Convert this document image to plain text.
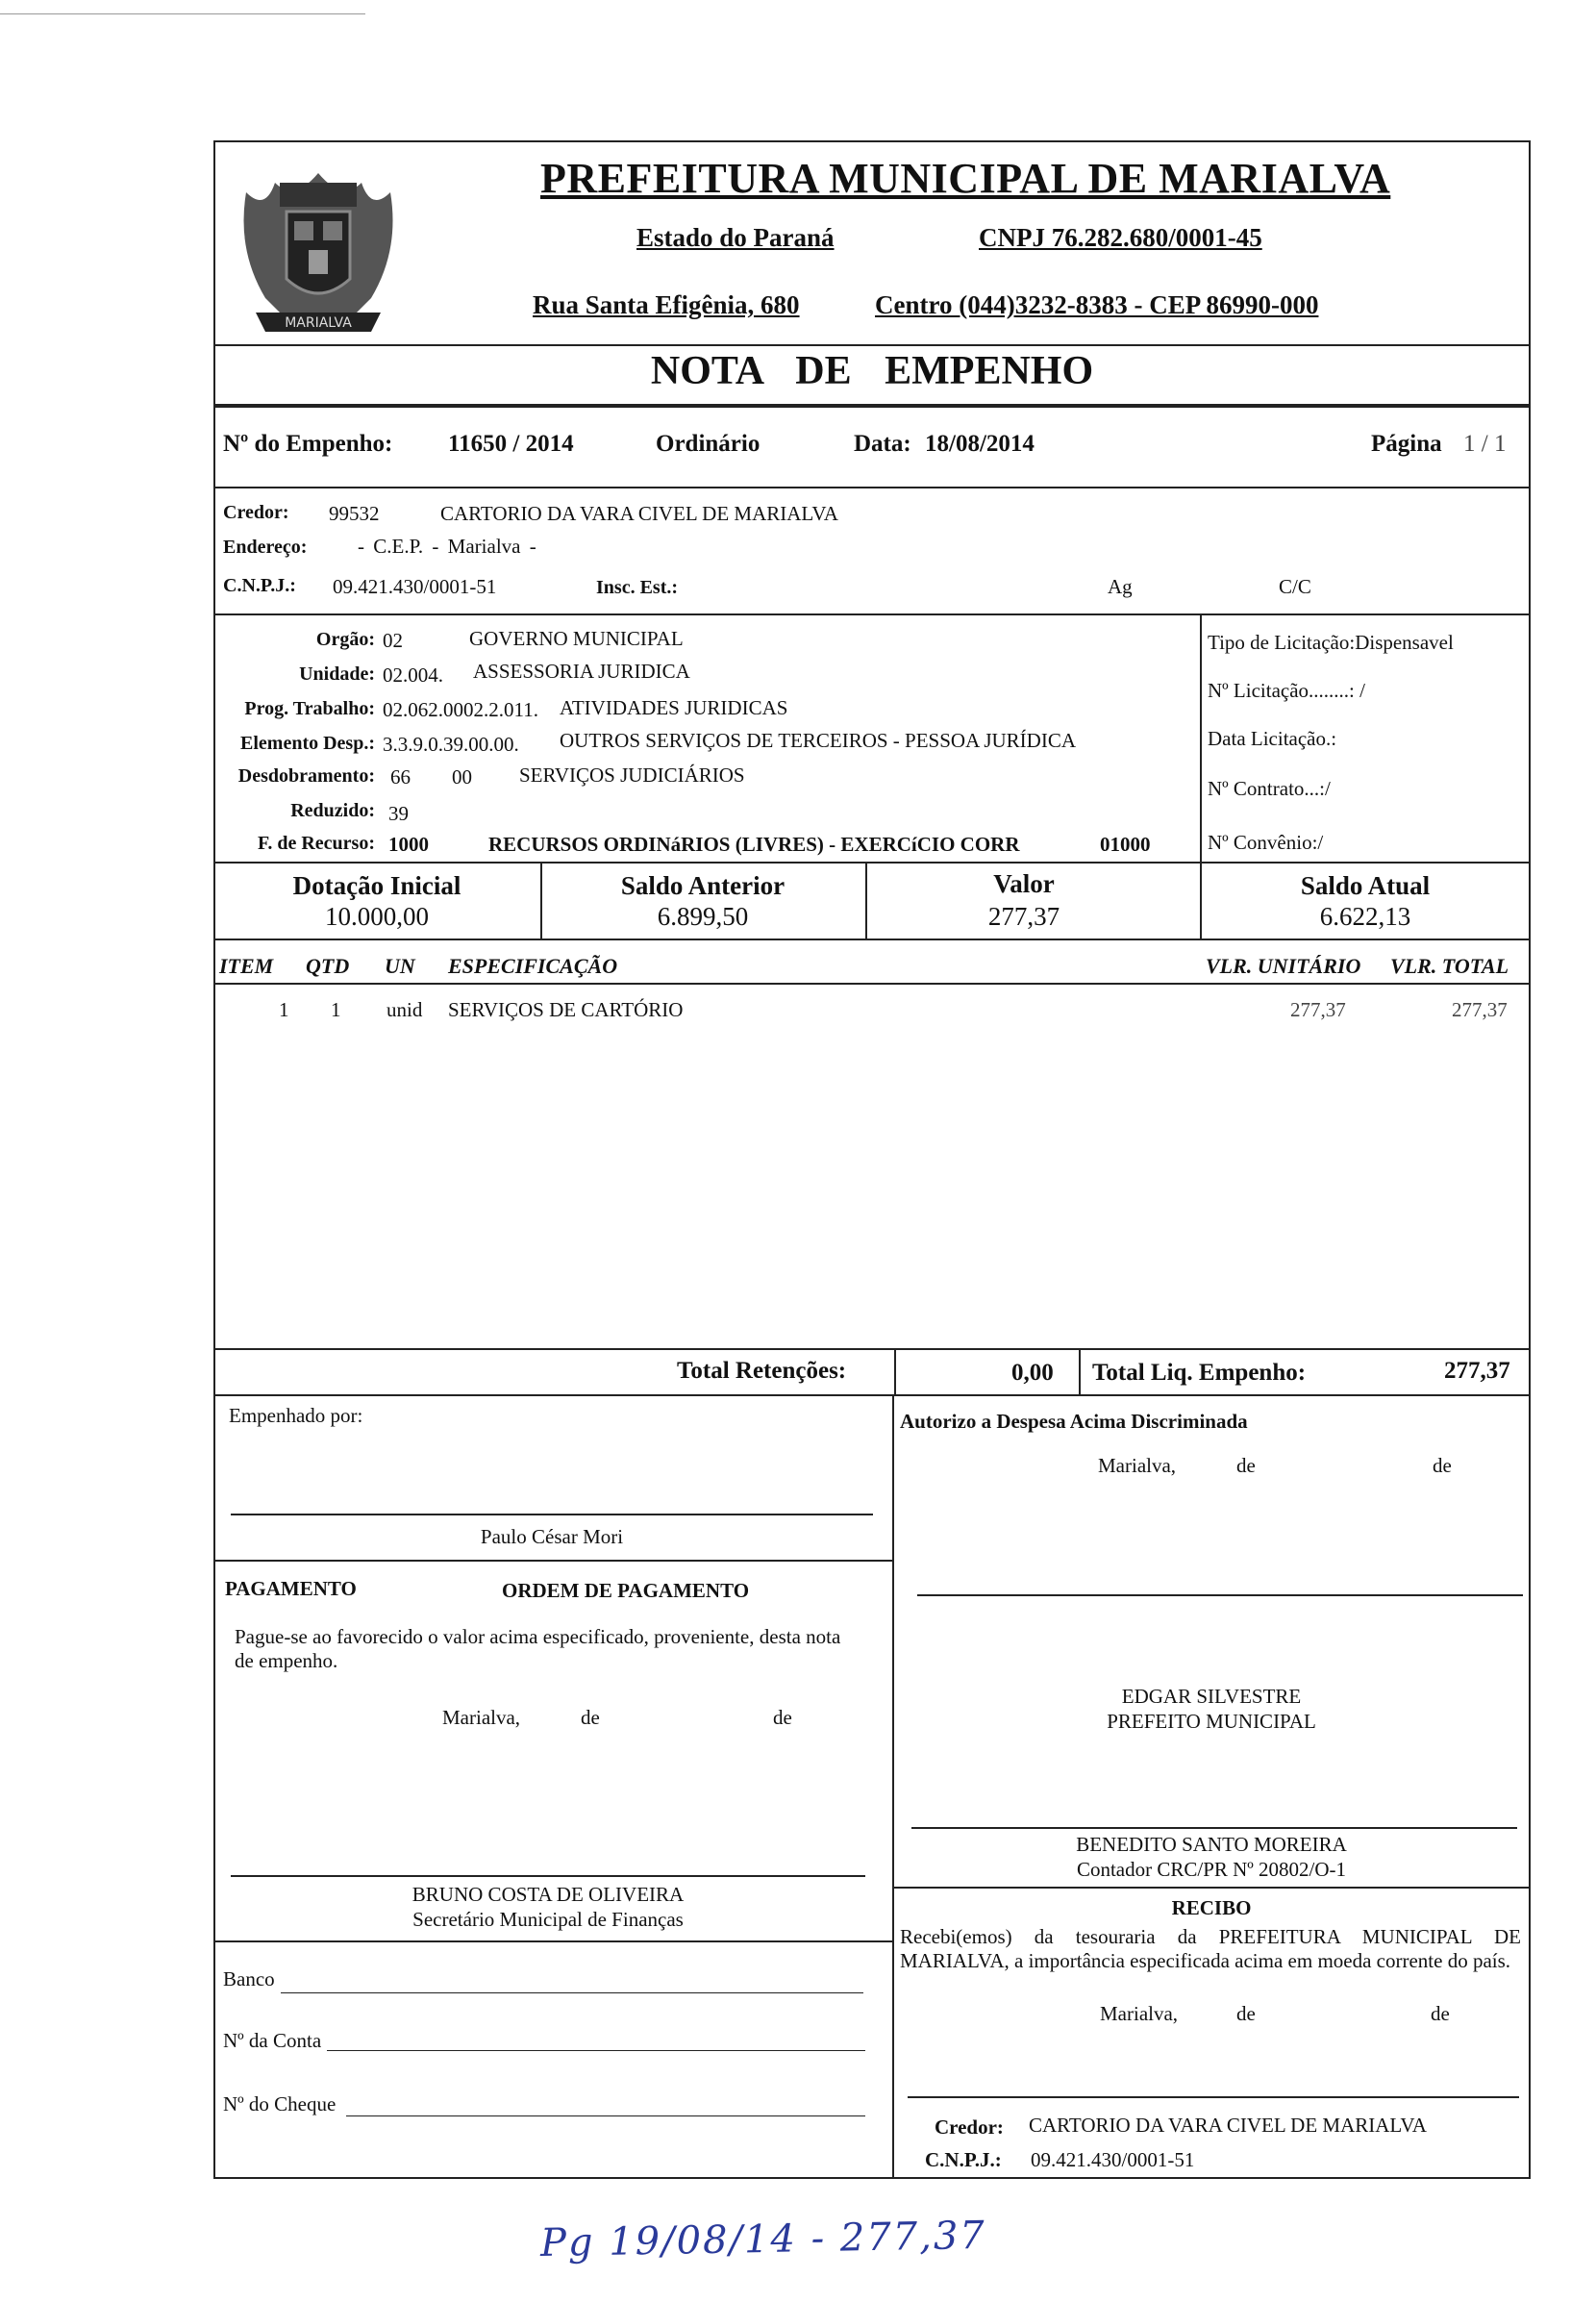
MARIALVA
PREFEITURA MUNICIPAL DE MARIALVA
Estado do Paraná	CNPJ 76.282.680/0001-45
Rua Santa Efigênia, 680	Centro (044)3232-8383 - CEP 86990-000
NOTA DE EMPENHO
Nº do Empenho: 11650 / 2014	Ordinário	Data: 18/08/2014	Página 1 / 1
Credor: 99532	CARTORIO DA VARA CIVEL DE MARIALVA
Endereço:	- C.E.P. - Marialva -
C.N.P.J.: 09.421.430/0001-51	Insc. Est.:	Ag	C/C
Orgão: 02	GOVERNO MUNICIPAL
Unidade: 02.004. ASSESSORIA JURIDICA
Prog. Trabalho: 02.062.0002.2.011. ATIVIDADES JURIDICAS
Elemento Desp.: 3.3.9.0.39.00.00. OUTROS SERVIÇOS DE TERCEIROS - PESSOA JURÍDICA
Desdobramento: 66 00 SERVIÇOS JUDICIÁRIOS
Reduzido: 39
F. de Recurso: 1000	RECURSOS ORDINáRIOS (LIVRES) - EXERCíCIO CORR	01000
Tipo de Licitação:Dispensavel
Nº Licitação........: /
Data Licitação.:
Nº Contrato...:/
Nº Convênio:/
Dotação Inicial
10.000,00
Saldo Anterior
6.899,50
Valor
277,37
Saldo Atual
6.622,13
ITEM QTD UN ESPECIFICAÇÃO	VLR. UNITÁRIO VLR. TOTAL
1 1 unid SERVIÇOS DE CARTÓRIO	277,37	277,37
Total Retenções:	0,00 Total Liq. Empenho:	277,37
Empenhado por:
Paulo César Mori
Autorizo a Despesa Acima Discriminada
Marialva,	de	de
PAGAMENTO	ORDEM DE PAGAMENTO
Pague-se ao favorecido o valor acima especificado, proveniente, desta nota de empenho.
Marialva,	de	de
EDGAR SILVESTRE
PREFEITO MUNICIPAL
BENEDITO SANTO MOREIRA
Contador CRC/PR Nº 20802/O-1
BRUNO COSTA DE OLIVEIRA
Secretário Municipal de Finanças
Banco
Nº da Conta
Nº do Cheque
RECIBO
Recebi(emos) da tesouraria da PREFEITURA MUNICIPAL DE MARIALVA, a importância especificada acima em moeda corrente do país.
Marialva,	de	de
Credor: CARTORIO DA VARA CIVEL DE MARIALVA
C.N.P.J.: 09.421.430/0001-51
Pg 19/08/14 - 277,37
